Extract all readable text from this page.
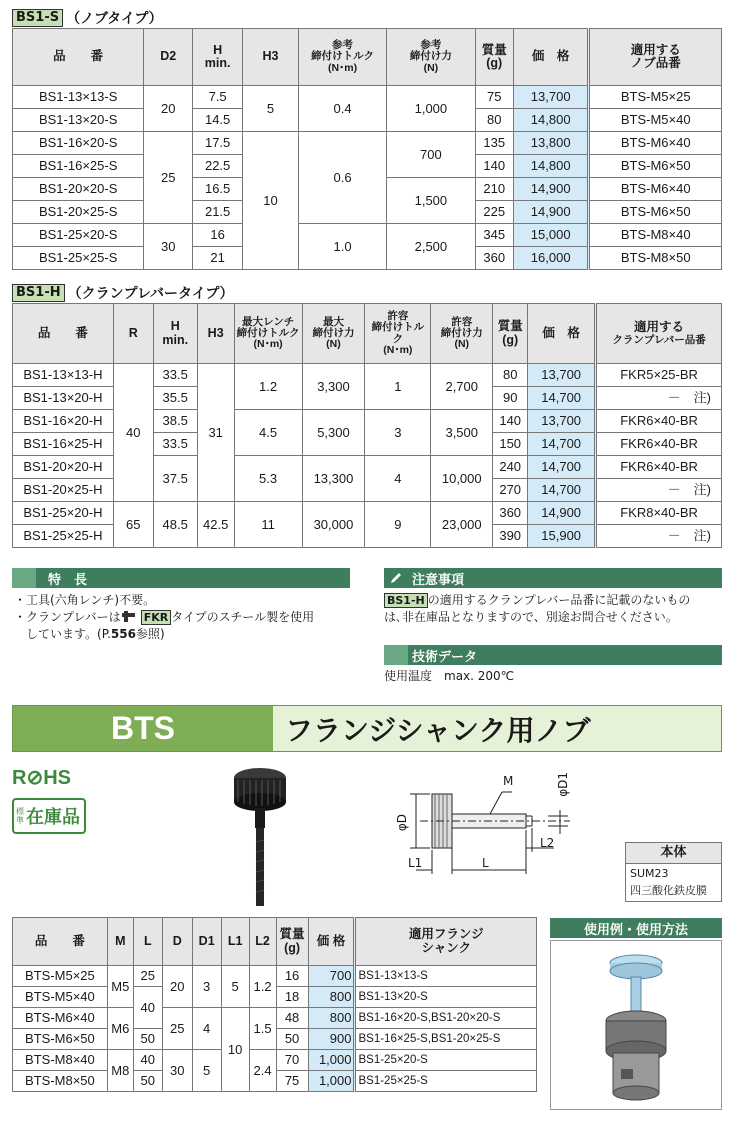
BS1-S （ノブタイプ）
品　　番	D2	H
min.	H3	参考
締付けトルク
(N･m)	参考
締付け力
(N)	質量
(g)	価　格	適用する
ノブ品番
BS1-13×13-S	20	7.5	5	0.4	1,000	75	13,700	BTS-M5×25
BS1-13×20-S		14.5				80	14,800	BTS-M5×40
BS1-16×20-S	25	17.5	10	0.6	700	135	13,800	BTS-M6×40
BS1-16×25-S		22.5				140	14,800	BTS-M6×50
BS1-20×20-S		16.5			1,500	210	14,900	BTS-M6×40
BS1-20×25-S		21.5				225	14,900	BTS-M6×50
BS1-25×20-S	30	16		1.0	2,500	345	15,000	BTS-M8×40
BS1-25×25-S		21				360	16,000	BTS-M8×50
BS1-H （クランプレバータイプ）
品　　番	R	H
min.	H3	最大レンチ
締付けトルク
(N･m)	最大
締付け力
(N)	許容
締付けトルク
(N･m)	許容
締付け力
(N)	質量
(g)	価　格	適用する
クランプレバー品番
BS1-13×13-H	40	33.5	31	1.2	3,300	1	2,700	80	13,700	FKR5×25-BR
BS1-13×20-H		35.5						90	14,700	－　注)
BS1-16×20-H		38.5		4.5	5,300	3	3,500	140	13,700	FKR6×40-BR
BS1-16×25-H		33.5						150	14,700	FKR6×40-BR
BS1-20×20-H		37.5		5.3	13,300	4	10,000	240	14,700	FKR6×40-BR
BS1-20×25-H								270	14,700	－　注)
BS1-25×20-H	65	48.5	42.5	11	30,000	9	23,000	360	14,900	FKR8×40-BR
BS1-25×25-H								390	15,900	－　注)
特　長
・工具(六角レンチ)不要。
・クランプレバーは FKR タイプのスチール製を使用
　しています。(P.556参照)
注意事項
BS1-H の適用するクランプレバー品番に記載のないもの
は､非在庫品となりますので、別途お問合せください。
技術データ
使用温度　max. 200℃
BTS	フランジシャンク用ノブ
R⊘HS
標準 在庫品
M	φD1
φD
L1	L
L2
本体
SUM23
四三酸化鉄皮膜
品　　番	M	L	D	D1	L1	L2	質量
(g)	価 格	適用フランジ
シャンク
BTS-M5×25	M5	25	20	3	5	1.2	16	700	BS1-13×13-S
BTS-M5×40		40					18	800	BS1-13×20-S
BTS-M6×40	M6		25	4	10	1.5	48	800	BS1-16×20-S,BS1-20×20-S
BTS-M6×50		50					50	900	BS1-16×25-S,BS1-20×25-S
BTS-M8×40	M8	40	30	5		2.4	70	1,000	BS1-25×20-S
BTS-M8×50		50					75	1,000	BS1-25×25-S
使用例・使用方法
